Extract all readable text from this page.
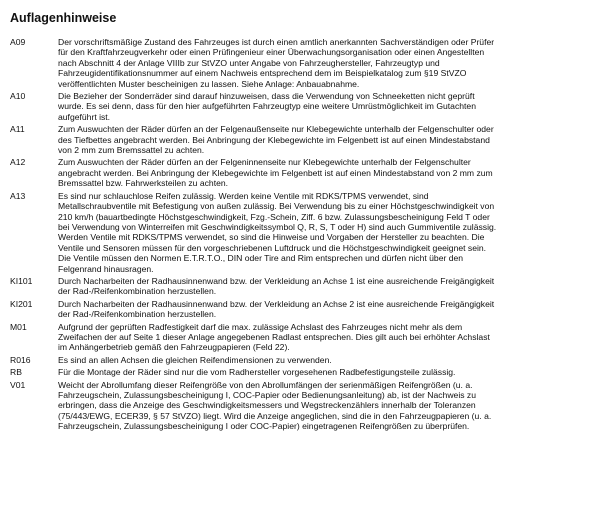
Auflagenhinweise
A09	Der vorschriftsmäßige Zustand des Fahrzeuges ist durch einen amtlich anerkannten Sachverständigen oder Prüfer
für den Kraftfahrzeugverkehr oder einen Prüfingenieur einer Überwachungsorganisation oder einen Angestellten
nach Abschnitt 4 der Anlage VIIIb zur StVZO unter Angabe von Fahrzeughersteller, Fahrzeugtyp und
Fahrzeugidentifikationsnummer auf einem Nachweis entsprechend dem im Beispielkatalog zum §19 StVZO
veröffentlichten Muster bescheinigen zu lassen. Siehe Anlage: Anbauabnahme.
A10	Die Bezieher der Sonderräder sind darauf hinzuweisen, dass die Verwendung von Schneeketten nicht geprüft
wurde. Es sei denn, dass für den hier aufgeführten Fahrzeugtyp eine weitere Umrüstmöglichkeit im Gutachten
aufgeführt ist.
A11	Zum Auswuchten der Räder dürfen an der Felgenaußenseite nur Klebegewichte unterhalb der Felgenschulter oder
des Tiefbettes angebracht werden. Bei Anbringung der Klebegewichte im Felgenbett ist auf einen Mindestabstand
von 2 mm zum Bremssattel zu achten.
A12	Zum Auswuchten der Räder dürfen an der Felgeninnenseite nur Klebegewichte unterhalb der Felgenschulter
angebracht werden. Bei Anbringung der Klebegewichte im Felgenbett ist auf einen Mindestabstand von 2 mm zum
Bremssattel bzw. Fahrwerksteilen zu achten.
A13	Es sind nur schlauchlose Reifen zulässig. Werden keine Ventile mit RDKS/TPMS verwendet, sind
Metallschraubventile mit Befestigung von außen zulässig. Bei Verwendung bis zu einer Höchstgeschwindigkeit von
210 km/h (bauartbedingte Höchstgeschwindigkeit, Fzg.-Schein, Ziff. 6 bzw. Zulassungsbescheinigung Feld T oder
bei Verwendung von Winterreifen mit Geschwindigkeitssymbol Q, R, S, T oder H) sind auch Gummiventile zulässig.
Werden Ventile mit RDKS/TPMS verwendet, so sind die Hinweise und Vorgaben der Hersteller zu beachten. Die
Ventile und Sensoren müssen für den vorgeschriebenen Luftdruck und die Höchstgeschwindigkeit geeignet sein.
Die Ventile müssen den Normen E.T.R.T.O., DIN oder Tire and Rim entsprechen und dürfen nicht über den
Felgenrand hinausragen.
KI101	Durch Nacharbeiten der Radhausinnenwand bzw. der Verkleidung an Achse 1 ist eine ausreichende Freigängigkeit
der Rad-/Reifenkombination herzustellen.
KI201	Durch Nacharbeiten der Radhausinnenwand bzw. der Verkleidung an Achse 2 ist eine ausreichende Freigängigkeit
der Rad-/Reifenkombination herzustellen.
M01	Aufgrund der geprüften Radfestigkeit darf die max. zulässige Achslast des Fahrzeuges nicht mehr als dem
Zweifachen der auf Seite 1 dieser Anlage angegebenen Radlast entsprechen. Dies gilt auch bei erhöhter Achslast
im Anhängerbetrieb gemäß den Fahrzeugpapieren (Feld 22).
R016	Es sind an allen Achsen die gleichen Reifendimensionen zu verwenden.
RB	Für die Montage der Räder sind nur die vom Radhersteller vorgesehenen Radbefestigungsteile zulässig.
V01	Weicht der Abrollumfang dieser Reifengröße von den Abrollumfängen der serienmäßigen Reifengrößen (u. a.
Fahrzeugschein, Zulassungsbescheinigung I, COC-Papier oder Bedienungsanleitung) ab, ist der Nachweis zu
erbringen, dass die Anzeige des Geschwindigkeitsmessers und Wegstreckenzählers innerhalb der Toleranzen
(75/443/EWG, ECER39, § 57 StVZO) liegt. Wird die Anzeige angeglichen, sind die in den Fahrzeugpapieren (u. a.
Fahrzeugschein, Zulassungsbescheinigung I oder COC-Papier) eingetragenen Reifengrößen zu überprüfen.
